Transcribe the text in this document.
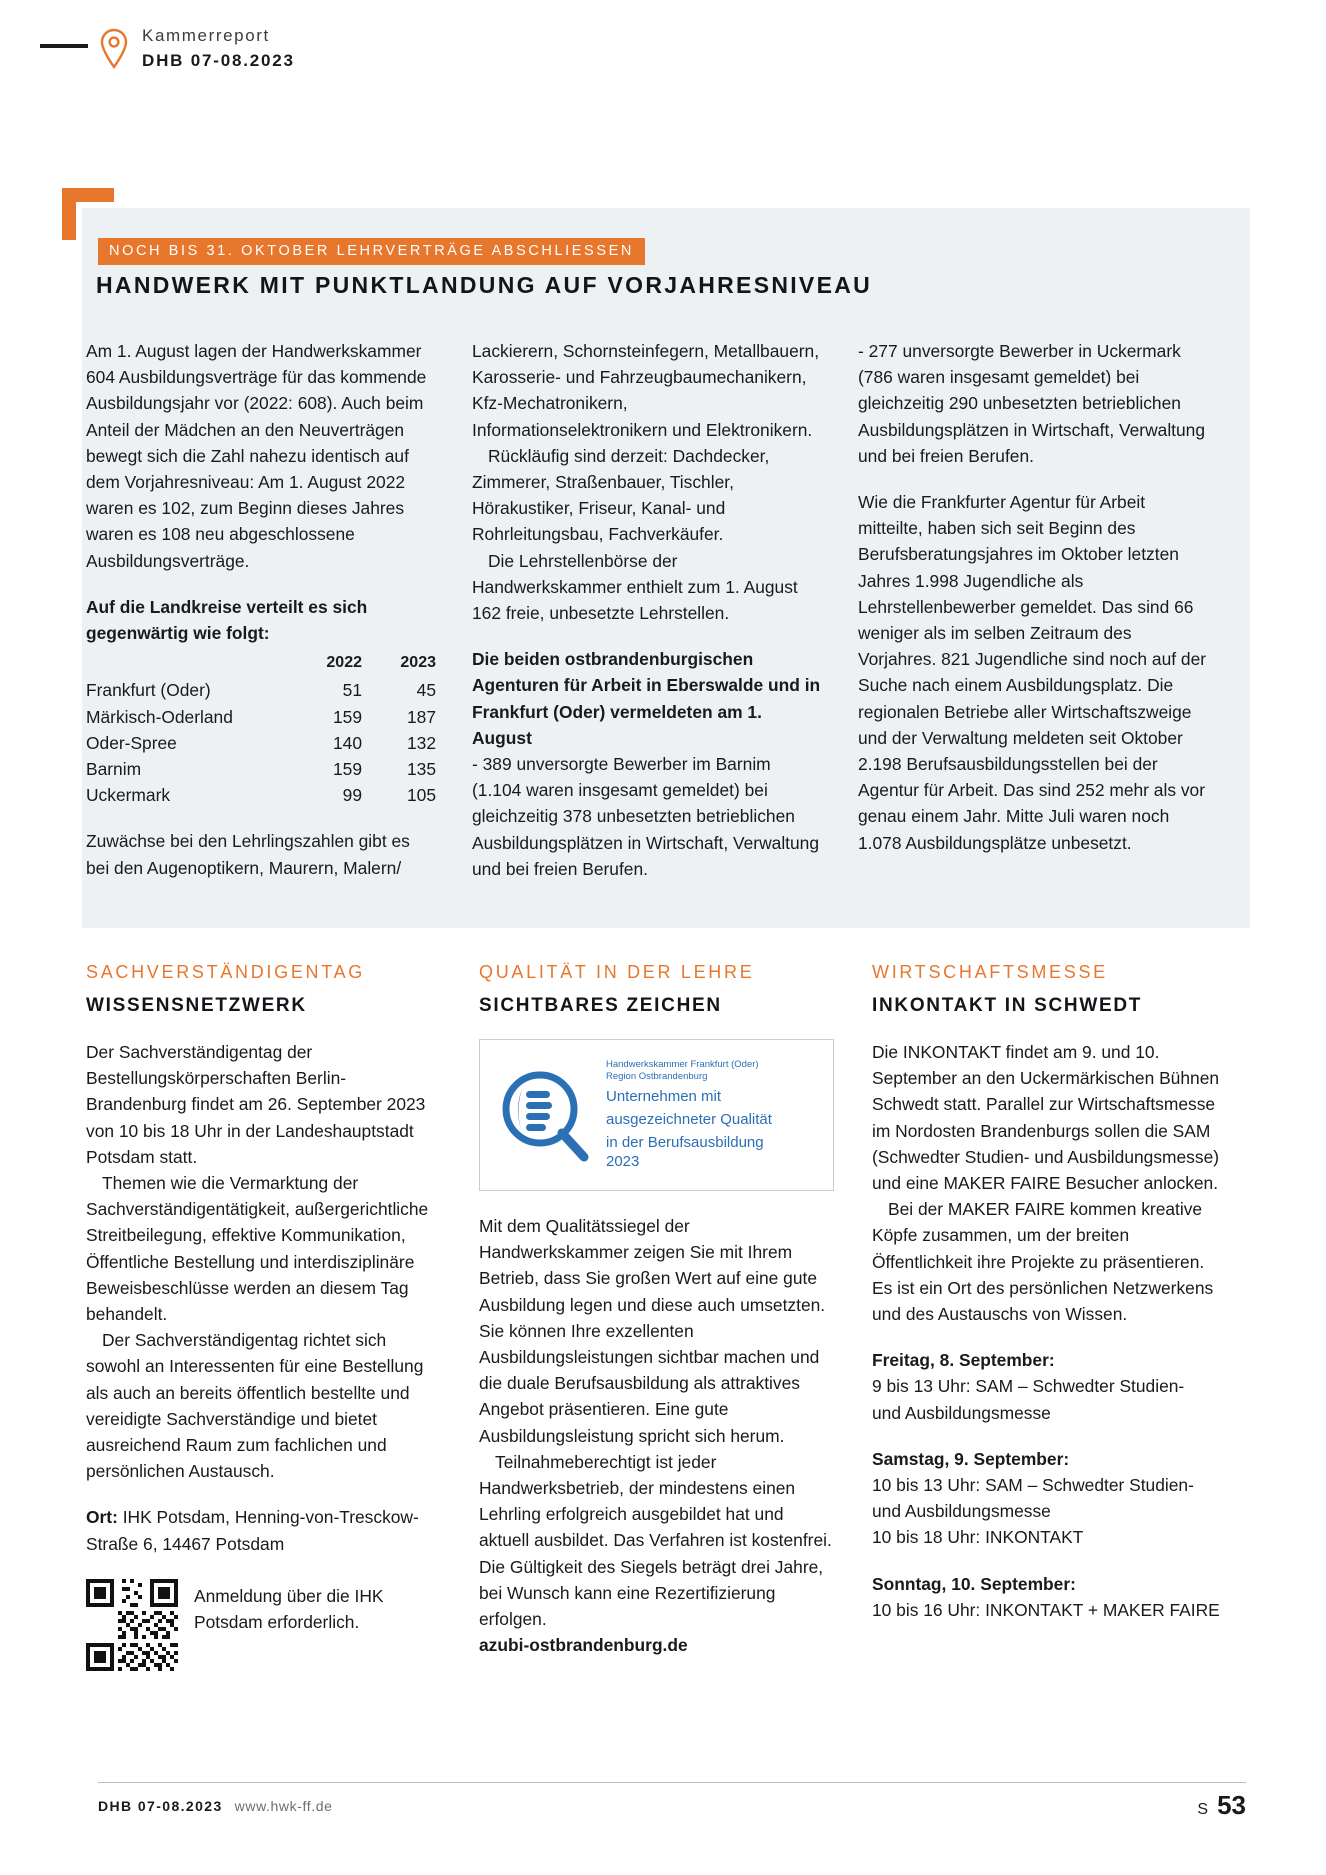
Kammerreport
DHB 07-08.2023
NOCH BIS 31. OKTOBER LEHRVERTRÄGE ABSCHLIESSEN
HANDWERK MIT PUNKTLANDUNG AUF VORJAHRESNIVEAU

Am 1. August lagen der Handwerkskammer 604 Ausbildungsverträge für das kommende Ausbildungsjahr vor (2022: 608). Auch beim Anteil der Mädchen an den Neuverträgen bewegt sich die Zahl nahezu identisch auf dem Vorjahresniveau: Am 1. August 2022 waren es 102, zum Beginn dieses Jahres waren es 108 neu abgeschlossene Ausbildungsverträge.

Auf die Landkreise verteilt es sich gegenwärtig wie folgt:

	2022	2023
Frankfurt (Oder)	51	45
Märkisch-Oderland	159	187
Oder-Spree	140	132
Barnim	159	135
Uckermark	99	105

Zuwächse bei den Lehrlingszahlen gibt es bei den Augenoptikern, Maurern, Malern/

Lackierern, Schornsteinfegern, Metallbauern, Karosserie- und Fahrzeugbaumechanikern, Kfz-Mechatronikern, Informationselektronikern und Elektronikern.

Rückläufig sind derzeit: Dachdecker, Zimmerer, Straßenbauer, Tischler, Hörakustiker, Friseur, Kanal- und Rohrleitungsbau, Fachverkäufer.

Die Lehrstellenbörse der Handwerkskammer enthielt zum 1. August 162 freie, unbesetzte Lehrstellen.

Die beiden ostbrandenburgischen Agenturen für Arbeit in Eberswalde und in Frankfurt (Oder) vermeldeten am 1. August

- 389 unversorgte Bewerber im Barnim (1.104 waren insgesamt gemeldet) bei gleichzeitig 378 unbesetzten betrieblichen Ausbildungsplätzen in Wirtschaft, Verwaltung und bei freien Berufen.

- 277 unversorgte Bewerber in Uckermark (786 waren insgesamt gemeldet) bei gleichzeitig 290 unbesetzten betrieblichen Ausbildungsplätzen in Wirtschaft, Verwaltung und bei freien Berufen.

Wie die Frankfurter Agentur für Arbeit mitteilte, haben sich seit Beginn des Berufsberatungsjahres im Oktober letzten Jahres 1.998 Jugendliche als Lehrstellenbewerber gemeldet. Das sind 66 weniger als im selben Zeitraum des Vorjahres. 821 Jugendliche sind noch auf der Suche nach einem Ausbildungsplatz. Die regionalen Betriebe aller Wirtschaftszweige und der Verwaltung meldeten seit Oktober 2.198 Berufsausbildungsstellen bei der Agentur für Arbeit. Das sind 252 mehr als vor genau einem Jahr. Mitte Juli waren noch 1.078 Ausbildungsplätze unbesetzt.

SACHVERSTÄNDIGENTAG
WISSENSNETZWERK

Der Sachverständigentag der Bestellungskörperschaften Berlin-Brandenburg findet am 26. September 2023 von 10 bis 18 Uhr in der Landeshauptstadt Potsdam statt.

Themen wie die Vermarktung der Sachverständigentätigkeit, außergerichtliche Streitbeilegung, effektive Kommunikation, Öffentliche Bestellung und interdisziplinäre Beweisbeschlüsse werden an diesem Tag behandelt.

Der Sachverständigentag richtet sich sowohl an Interessenten für eine Bestellung als auch an bereits öffentlich bestellte und vereidigte Sachverständige und bietet ausreichend Raum zum fachlichen und persönlichen Austausch.

Ort: IHK Potsdam, Henning-von-Tresckow-Straße 6, 14467 Potsdam

Anmeldung über die IHK Potsdam erforderlich.
QUALITÄT IN DER LEHRE
SICHTBARES ZEICHEN
Handwerkskammer Frankfurt (Oder)
Region Ostbrandenburg
Unternehmen mit
ausgezeichneter Qualität
in der Berufsausbildung
2023

Mit dem Qualitätssiegel der Handwerkskammer zeigen Sie mit Ihrem Betrieb, dass Sie großen Wert auf eine gute Ausbildung legen und diese auch umsetzten. Sie können Ihre exzellenten Ausbildungsleistungen sichtbar machen und die duale Berufsausbildung als attraktives Angebot präsentieren. Eine gute Ausbildungsleistung spricht sich herum.

Teilnahmeberechtigt ist jeder Handwerksbetrieb, der mindestens einen Lehrling erfolgreich ausgebildet hat und aktuell ausbildet. Das Verfahren ist kostenfrei. Die Gültigkeit des Siegels beträgt drei Jahre, bei Wunsch kann eine Rezertifizierung erfolgen.

azubi-ostbrandenburg.de

WIRTSCHAFTSMESSE
INKONTAKT IN SCHWEDT

Die INKONTAKT findet am 9. und 10. September an den Uckermärkischen Bühnen Schwedt statt. Parallel zur Wirtschaftsmesse im Nordosten Brandenburgs sollen die SAM (Schwedter Studien- und Ausbildungsmesse) und eine MAKER FAIRE Besucher anlocken.

Bei der MAKER FAIRE kommen kreative Köpfe zusammen, um der breiten Öffentlichkeit ihre Projekte zu präsentieren. Es ist ein Ort des persönlichen Netzwerkens und des Austauschs von Wissen.

Freitag, 8. September:

9 bis 13 Uhr: SAM – Schwedter Studien-

und Ausbildungsmesse

Samstag, 9. September:

10 bis 13 Uhr: SAM – Schwedter Studien-

und Ausbildungsmesse

10 bis 18 Uhr: INKONTAKT

Sonntag, 10. September:

10 bis 16 Uhr: INKONTAKT + MAKER FAIRE

DHB 07-08.2023 www.hwk-ff.de	S 53
